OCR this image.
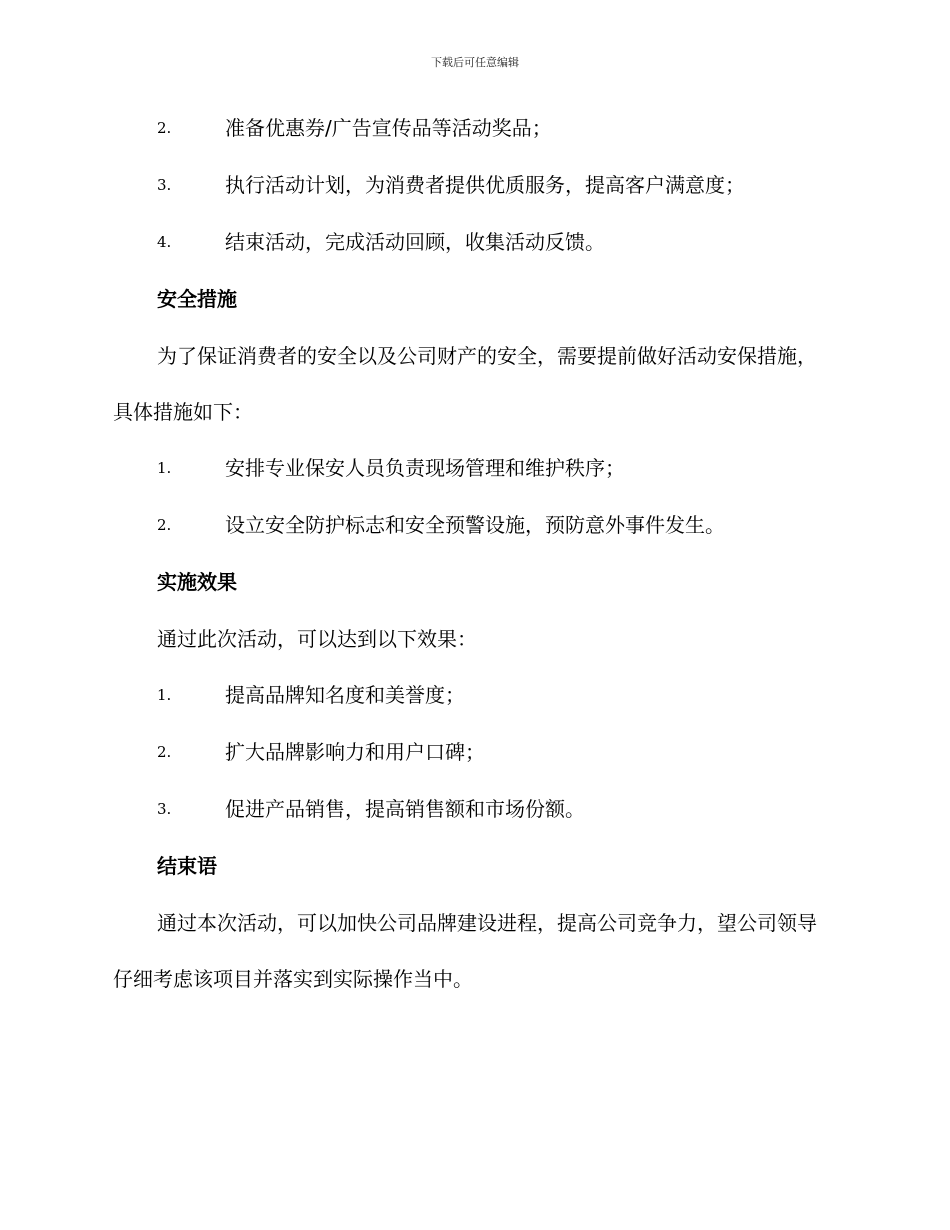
下载后可任意编辑
2.	准备优惠券/广告宣传品等活动奖品；
3.	执行活动计划，为消费者提供优质服务，提高客户满意度；
4.	结束活动，完成活动回顾，收集活动反馈。
安全措施
为了保证消费者的安全以及公司财产的安全，需要提前做好活动安保措施，具体措施如下：
1.	安排专业保安人员负责现场管理和维护秩序；
2.	设立安全防护标志和安全预警设施，预防意外事件发生。
实施效果
通过此次活动，可以达到以下效果：
1.	提高品牌知名度和美誉度；
2.	扩大品牌影响力和用户口碑；
3.	促进产品销售，提高销售额和市场份额。
结束语
通过本次活动，可以加快公司品牌建设进程，提高公司竞争力，望公司领导仔细考虑该项目并落实到实际操作当中。
